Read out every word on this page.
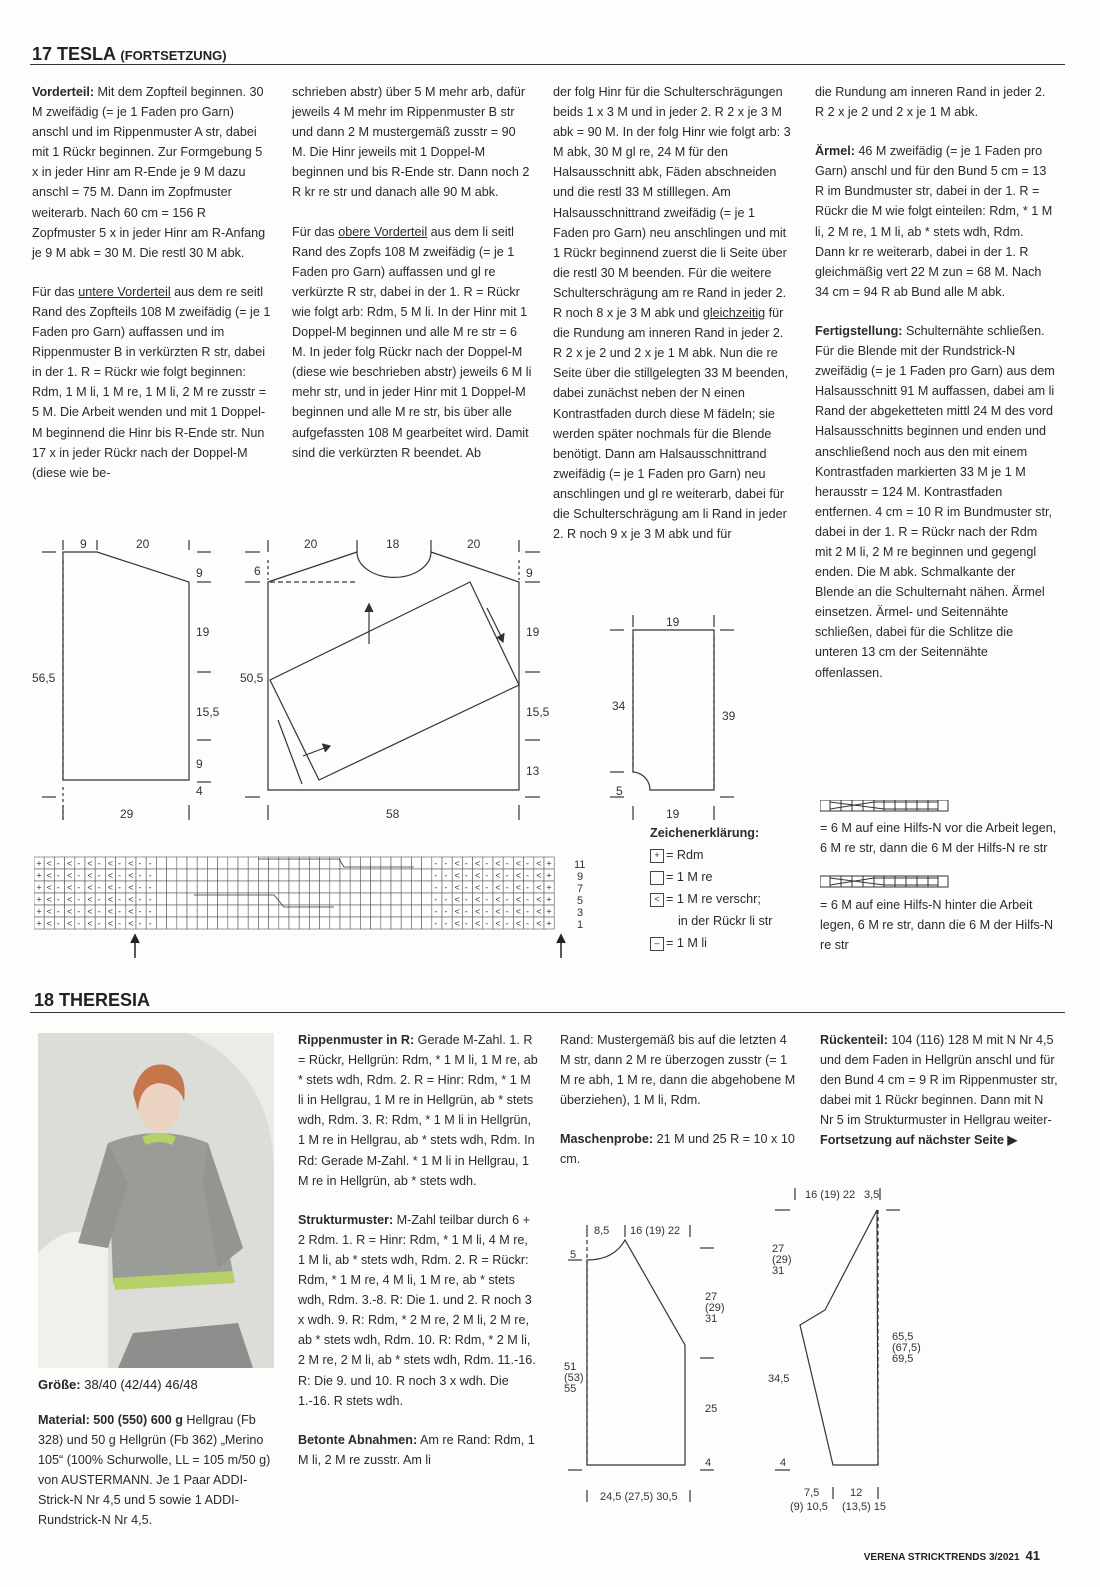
17 TESLA (FORTSETZUNG)

Vorderteil: Mit dem Zopfteil beginnen. 30 M zweifädig (= je 1 Faden pro Garn) anschl und im Rippenmuster A str, dabei mit 1 Rückr beginnen. Zur Formgebung 5 x in jeder Hinr am R-Ende je 9 M dazu anschl = 75 M. Dann im Zopfmuster weiterarb. Nach 60 cm = 156 R Zopfmuster 5 x in jeder Hinr am R-Anfang je 9 M abk = 30 M. Die restl 30 M abk.

Für das untere Vorderteil aus dem re seitl Rand des Zopfteils 108 M zweifädig (= je 1 Faden pro Garn) auffassen und im Rippenmuster B in verkürzten R str, dabei in der 1. R = Rückr wie folgt beginnen: Rdm, 1 M li, 1 M re, 1 M li, 2 M re zusstr = 5 M. Die Arbeit wenden und mit 1 Doppel-M beginnend die Hinr bis R-Ende str. Nun 17 x in jeder Rückr nach der Doppel-M (diese wie be-

schrieben abstr) über 5 M mehr arb, dafür jeweils 4 M mehr im Rippenmuster B str und dann 2 M mustergemäß zusstr = 90 M. Die Hinr jeweils mit 1 Doppel-M beginnen und bis R-Ende str. Dann noch 2 R kr re str und danach alle 90 M abk.

Für das obere Vorderteil aus dem li seitl Rand des Zopfs 108 M zweifädig (= je 1 Faden pro Garn) auffassen und gl re verkürzte R str, dabei in der 1. R = Rückr wie folgt arb: Rdm, 5 M li. In der Hinr mit 1 Doppel-M beginnen und alle M re str = 6 M. In jeder folg Rückr nach der Doppel-M (diese wie beschrieben abstr) jeweils 6 M li mehr str, und in jeder Hinr mit 1 Doppel-M beginnen und alle M re str, bis über alle aufgefassten 108 M gearbeitet wird. Damit sind die verkürzten R beendet. Ab

der folg Hinr für die Schulterschrägungen beids 1 x 3 M und in jeder 2. R 2 x je 3 M abk = 90 M. In der folg Hinr wie folgt arb: 3 M abk, 30 M gl re, 24 M für den Halsausschnitt abk, Fäden abschneiden und die restl 33 M stilllegen. Am Halsausschnittrand zweifädig (= je 1 Faden pro Garn) neu anschlingen und mit 1 Rückr beginnend zuerst die li Seite über die restl 30 M beenden. Für die weitere Schulterschrägung am re Rand in jeder 2. R noch 8 x je 3 M abk und gleichzeitig für die Rundung am inneren Rand in jeder 2. R 2 x je 2 und 2 x je 1 M abk. Nun die re Seite über die stillgelegten 33 M beenden, dabei zunächst neben der N einen Kontrastfaden durch diese M fädeln; sie werden später nochmals für die Blende benötigt. Dann am Halsausschnittrand zweifädig (= je 1 Faden pro Garn) neu anschlingen und gl re weiterarb, dabei für die Schulterschrägung am li Rand in jeder 2. R noch 9 x je 3 M abk und für

die Rundung am inneren Rand in jeder 2. R 2 x je 2 und 2 x je 1 M abk.

Ärmel: 46 M zweifädig (= je 1 Faden pro Garn) anschl und für den Bund 5 cm = 13 R im Bundmuster str, dabei in der 1. R = Rückr die M wie folgt einteilen: Rdm, * 1 M li, 2 M re, 1 M li, ab * stets wdh, Rdm. Dann kr re weiterarb, dabei in der 1. R gleichmäßig vert 22 M zun = 68 M. Nach 34 cm = 94 R ab Bund alle M abk.

Fertigstellung: Schulternähte schließen. Für die Blende mit der Rundstrick-N zweifädig (= je 1 Faden pro Garn) aus dem Halsausschnitt 91 M auffassen, dabei am li Rand der abgeketteten mittl 24 M des vord Halsausschnitts beginnen und enden und anschließend noch aus den mit einem Kontrastfaden markierten 33 M je 1 M herausstr = 124 M. Kontrastfaden entfernen. 4 cm = 10 R im Bundmuster str, dabei in der 1. R = Rückr nach der Rdm mit 2 M li, 2 M re beginnen und gegengl enden. Die M abk. Schmalkante der Blende an die Schulternaht nähen. Ärmel einsetzen. Ärmel- und Seitennähte schließen, dabei für die Schlitze die unteren 13 cm der Seitennähte offenlassen.

9	20
9
19
15,5
9
4
56,5
29
20	18	20
6
50,5
9
19
15,5
13
58
19
34
39
5
19
+ < - < - < - < - < - -	- - < - < - < - < - < +
+ < - < - < - < - < - -	- - < - < - < - < - < +
+ < - < - < - < - < - -	- - < - < - < - < - < +
+ < - < - < - < - < - -	- - < - < - < - < - < +
+ < - < - < - < - < - -	- - < - < - < - < - < +
+ < - < - < - < - < - -	- - < - < - < - < - < +
11
9
7
5
3
1
Zeichenerklärung:
+ = Rdm
= 1 M re
< = 1 M re verschr;
in der Rückr li str
– = 1 M li

= 6 M auf eine Hilfs-N vor die Arbeit legen, 6 M re str, dann die 6 M der Hilfs-N re str

= 6 M auf eine Hilfs-N hinter die Arbeit legen, 6 M re str, dann die 6 M der Hilfs-N re str

18 THERESIA
Größe: 38/40 (42/44) 46/48

Material: 500 (550) 600 g Hellgrau (Fb 328) und 50 g Hellgrün (Fb 362) „Merino 105“ (100% Schurwolle, LL = 105 m/50 g) von AUSTERMANN. Je 1 Paar ADDI-Strick-N Nr 4,5 und 5 sowie 1 ADDI-Rundstrick-N Nr 4,5.

Rippenmuster in R: Gerade M-Zahl. 1. R = Rückr, Hellgrün: Rdm, * 1 M li, 1 M re, ab * stets wdh, Rdm. 2. R = Hinr: Rdm, * 1 M li in Hellgrau, 1 M re in Hellgrün, ab * stets wdh, Rdm. 3. R: Rdm, * 1 M li in Hellgrün, 1 M re in Hellgrau, ab * stets wdh, Rdm. In Rd: Gerade M-Zahl. * 1 M li in Hellgrau, 1 M re in Hellgrün, ab * stets wdh.

Strukturmuster: M-Zahl teilbar durch 6 + 2 Rdm. 1. R = Hinr: Rdm, * 1 M li, 4 M re, 1 M li, ab * stets wdh, Rdm. 2. R = Rückr: Rdm, * 1 M re, 4 M li, 1 M re, ab * stets wdh, Rdm. 3.-8. R: Die 1. und 2. R noch 3 x wdh. 9. R: Rdm, * 2 M re, 2 M li, 2 M re, ab * stets wdh, Rdm. 10. R: Rdm, * 2 M li, 2 M re, 2 M li, ab * stets wdh, Rdm. 11.-16. R: Die 9. und 10. R noch 3 x wdh. Die 1.-16. R stets wdh.

Betonte Abnahmen: Am re Rand: Rdm, 1 M li, 2 M re zusstr. Am li

Rand: Mustergemäß bis auf die letzten 4 M str, dann 2 M re überzogen zusstr (= 1 M re abh, 1 M re, dann die abgehobene M überziehen), 1 M li, Rdm.

Maschenprobe: 21 M und 25 R = 10 x 10 cm.

Rückenteil: 104 (116) 128 M mit N Nr 4,5 und dem Faden in Hellgrün anschl und für den Bund 4 cm = 9 R im Rippenmuster str, dabei mit 1 Rückr beginnen. Dann mit N Nr 5 im Strukturmuster in Hellgrau weiter-

Fortsetzung auf nächster Seite ▶
8,5 16 (19) 22
5
27 (29) 31
51 (53) 55
25
4
24,5 (27,5) 30,5
16 (19) 22 3,5
27 (29) 31
34,5
4
65,5 (67,5) 69,5
7,5
(9) 10,5
12
(13,5) 15
VERENA STRICKTRENDS 3/2021 41
